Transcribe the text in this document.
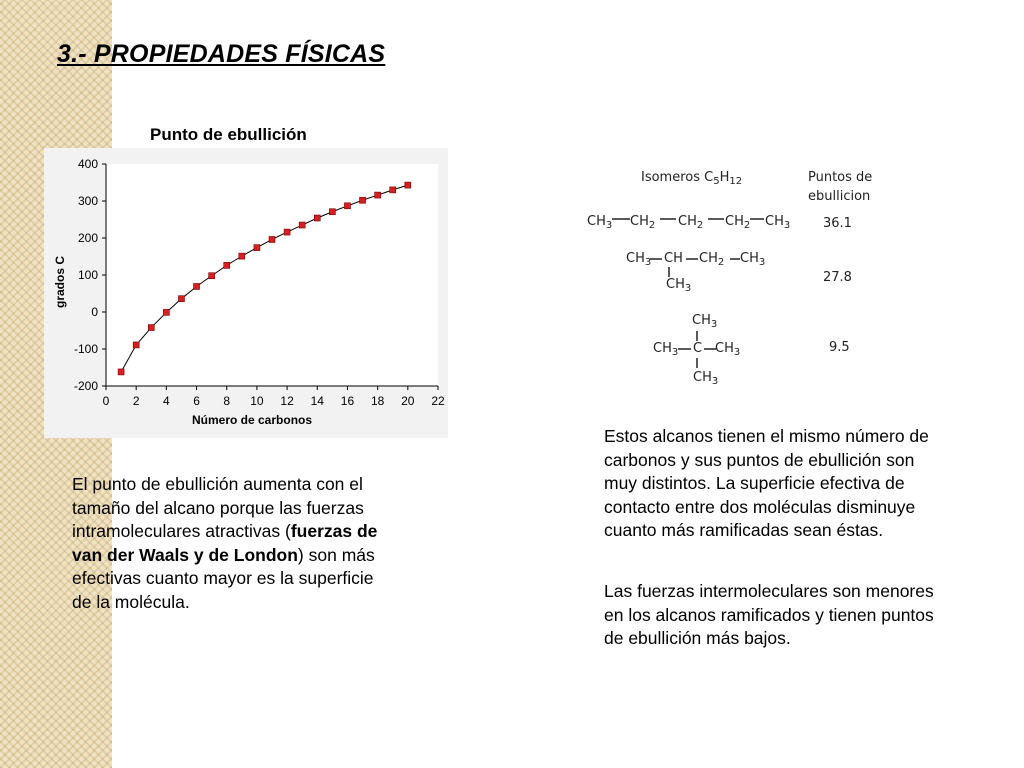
3.- PROPIEDADES FÍSICAS
Punto de ebullición
400
300
200
100
0
-100
-200
0 2 4 6 8 10 12 14 16 18 20 22
Número de carbonos
grados C
Isomeros $C_5H_{12}$	Puntos de
ebullicion
$CH_3$ $CH_2$ $CH_2$ $CH_2$ $CH_3$	36.1
$CH_3$ CH $CH_2$ $CH_3$
$CH_3$
27.8
$CH_3$
$CH_3$ C $CH_3$
$CH_3$
9.5
El punto de ebullición aumenta con el tamaño del alcano porque las fuerzas intramoleculares atractivas (fuerzas de van der Waals y de London) son más efectivas cuanto mayor es la superficie de la molécula.
Estos alcanos tienen el mismo número de carbonos y sus puntos de ebullición son muy distintos. La superficie efectiva de contacto entre dos moléculas disminuye cuanto más ramificadas sean éstas.
Las fuerzas intermoleculares son menores en los alcanos ramificados y tienen puntos de ebullición más bajos.
